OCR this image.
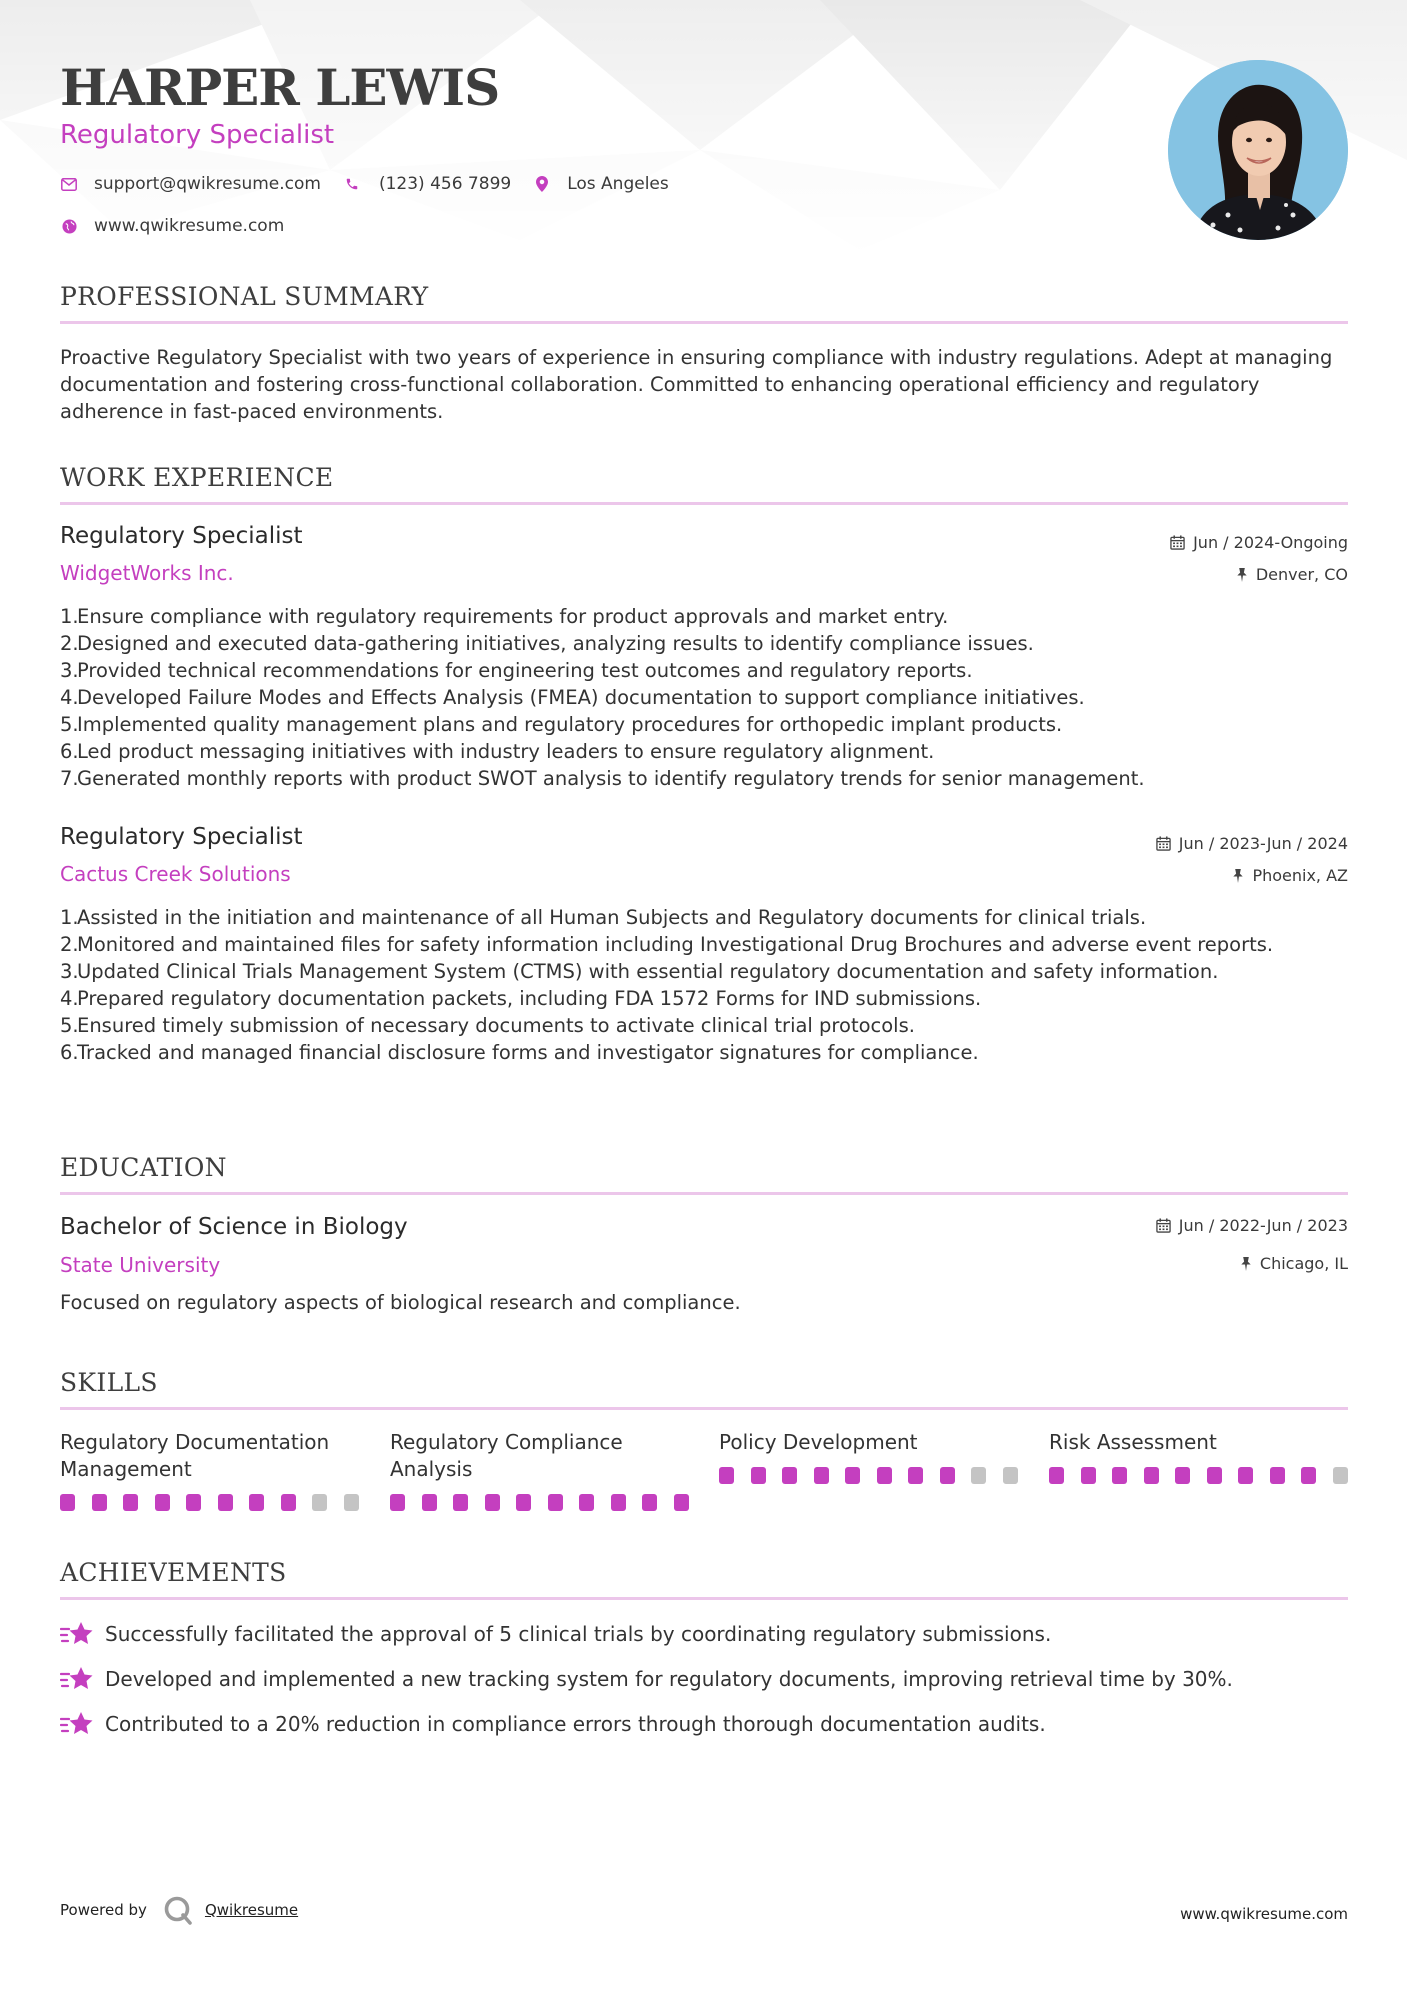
HARPER LEWIS
Regulatory Specialist
support@qwikresume.com	(123) 456 7899	Los Angeles
www.qwikresume.com
PROFESSIONAL SUMMARY
Proactive Regulatory Specialist with two years of experience in ensuring compliance with industry regulations. Adept at managing documentation and fostering cross-functional collaboration. Committed to enhancing operational efficiency and regulatory adherence in fast-paced environments.
WORK EXPERIENCE
Regulatory Specialist	Jun / 2024-Ongoing
WidgetWorks Inc.	Denver, CO
1.
Ensure compliance with regulatory requirements for product approvals and market entry.
2.
Designed and executed data-gathering initiatives, analyzing results to identify compliance issues.
3.
Provided technical recommendations for engineering test outcomes and regulatory reports.
4.
Developed Failure Modes and Effects Analysis (FMEA) documentation to support compliance initiatives.
5.
Implemented quality management plans and regulatory procedures for orthopedic implant products.
6.
Led product messaging initiatives with industry leaders to ensure regulatory alignment.
7.
Generated monthly reports with product SWOT analysis to identify regulatory trends for senior management.
Regulatory Specialist	Jun / 2023-Jun / 2024
Cactus Creek Solutions	Phoenix, AZ
1.
Assisted in the initiation and maintenance of all Human Subjects and Regulatory documents for clinical trials.
2.
Monitored and maintained files for safety information including Investigational Drug Brochures and adverse event reports.
3.
Updated Clinical Trials Management System (CTMS) with essential regulatory documentation and safety information.
4.
Prepared regulatory documentation packets, including FDA 1572 Forms for IND submissions.
5.
Ensured timely submission of necessary documents to activate clinical trial protocols.
6.
Tracked and managed financial disclosure forms and investigator signatures for compliance.
EDUCATION
Bachelor of Science in Biology	Jun / 2022-Jun / 2023
State University	Chicago, IL
Focused on regulatory aspects of biological research and compliance.
SKILLS
Regulatory Documentation Management
Regulatory Compliance Analysis
Policy Development	Risk Assessment
ACHIEVEMENTS
Successfully facilitated the approval of 5 clinical trials by coordinating regulatory submissions.
Developed and implemented a new tracking system for regulatory documents, improving retrieval time by 30%.
Contributed to a 20% reduction in compliance errors through thorough documentation audits.
Powered by	Qwikresume	www.qwikresume.com
